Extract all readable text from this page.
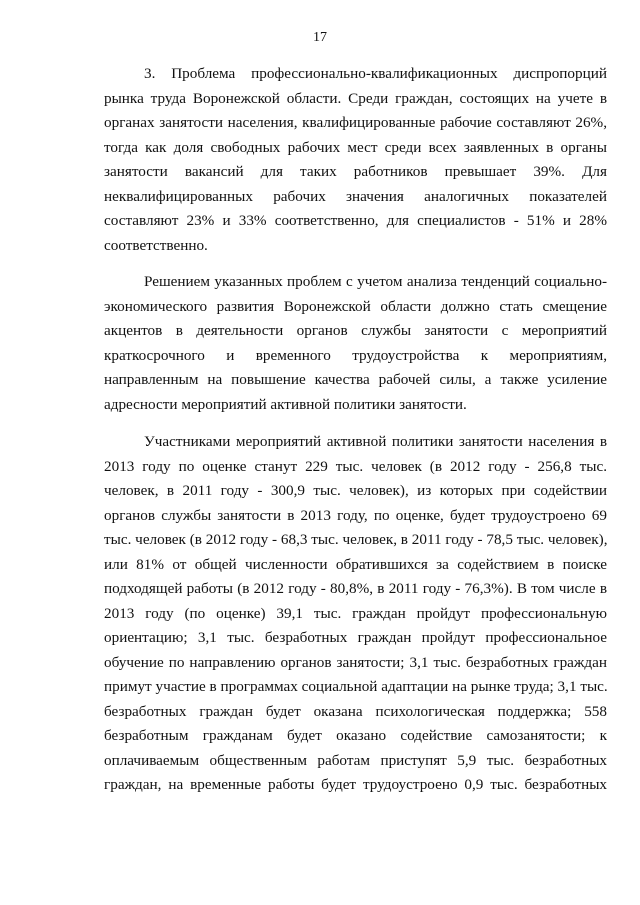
17
3. Проблема профессионально-квалификационных диспропорций
рынка труда Воронежской области. Среди граждан, состоящих на учете в
органах занятости населения, квалифицированные рабочие составляют 26%,
тогда как доля свободных рабочих мест среди всех заявленных в органы
занятости вакансий для таких работников превышает 39%. Для
неквалифицированных рабочих значения аналогичных показателей
составляют 23% и 33% соответственно, для специалистов - 51% и 28%
соответственно.
Решением указанных проблем с учетом анализа тенденций социально-
экономического развития Воронежской области должно стать смещение
акцентов в деятельности органов службы занятости с мероприятий
краткосрочного и временного трудоустройства к мероприятиям,
направленным на повышение качества рабочей силы, а также усиление
адресности мероприятий активной политики занятости.
Участниками мероприятий активной политики занятости населения в
2013 году по оценке станут 229 тыс. человек (в 2012 году - 256,8 тыс.
человек, в 2011 году - 300,9 тыс. человек), из которых при содействии
органов службы занятости в 2013 году, по оценке, будет трудоустроено 69
тыс. человек (в 2012 году - 68,3 тыс. человек, в 2011 году - 78,5 тыс. человек),
или 81% от общей численности обратившихся за содействием в поиске
подходящей работы (в 2012 году - 80,8%, в 2011 году - 76,3%). В том числе в
2013 году (по оценке) 39,1 тыс. граждан пройдут профессиональную
ориентацию; 3,1 тыс. безработных граждан пройдут профессиональное
обучение по направлению органов занятости; 3,1 тыс. безработных граждан
примут участие в программах социальной адаптации на рынке труда; 3,1 тыс.
безработных граждан будет оказана психологическая поддержка; 558
безработным гражданам будет оказано содействие самозанятости; к
оплачиваемым общественным работам приступят 5,9 тыс. безработных
граждан, на временные работы будет трудоустроено 0,9 тыс. безработных
